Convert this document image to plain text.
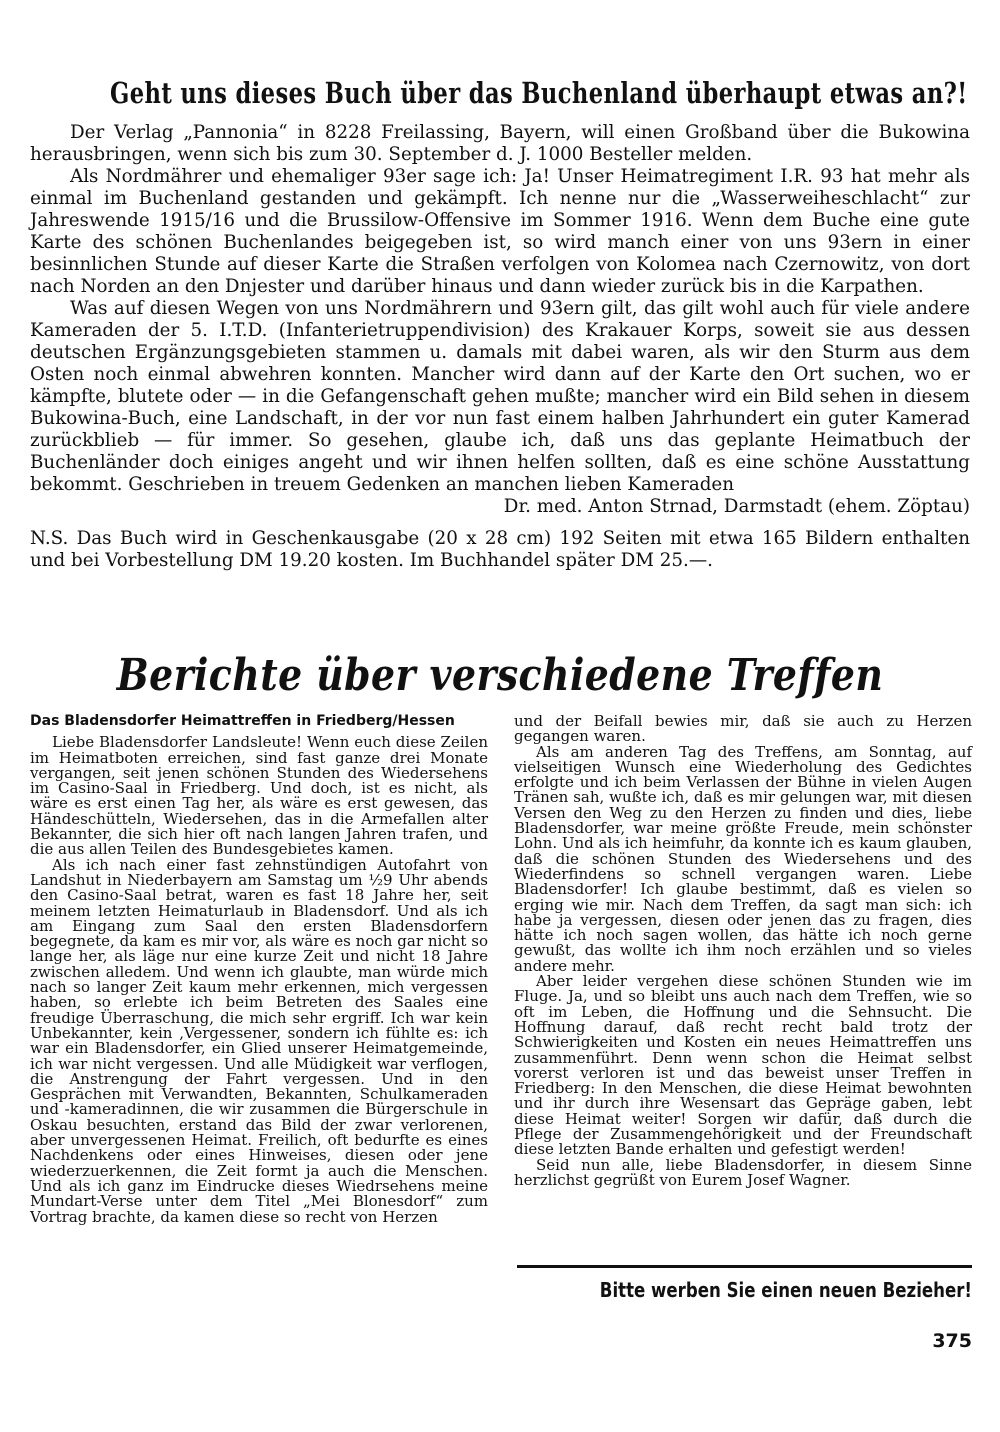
Geht uns dieses Buch über das Buchenland überhaupt etwas an?!

Der Verlag „Pannonia“ in 8228 Freilassing, Bayern, will einen Großband über die Bukowina herausbringen, wenn sich bis zum 30. September d. J. 1000 Besteller melden.

Als Nordmährer und ehemaliger 93er sage ich: Ja! Unser Heimatregiment I.R. 93 hat mehr als einmal im Buchenland gestanden und gekämpft. Ich nenne nur die „Wasserweiheschlacht“ zur Jahreswende 1915/16 und die Brussilow-Offensive im Sommer 1916. Wenn dem Buche eine gute Karte des schönen Buchenlandes beigegeben ist, so wird manch einer von uns 93ern in einer besinnlichen Stunde auf dieser Karte die Straßen verfolgen von Kolomea nach Czernowitz, von dort nach Norden an den Dnjester und darüber hinaus und dann wieder zurück bis in die Karpathen.

Was auf diesen Wegen von uns Nordmährern und 93ern gilt, das gilt wohl auch für viele andere Kameraden der 5. I.T.D. (Infanterietruppendivision) des Krakauer Korps, soweit sie aus dessen deutschen Ergänzungsgebieten stammen u. damals mit dabei waren, als wir den Sturm aus dem Osten noch einmal abwehren konnten. Mancher wird dann auf der Karte den Ort suchen, wo er kämpfte, blutete oder — in die Gefangenschaft gehen mußte; mancher wird ein Bild sehen in diesem Bukowina-Buch, eine Landschaft, in der vor nun fast einem halben Jahrhundert ein guter Kamerad zurückblieb — für immer. So gesehen, glaube ich, daß uns das geplante Heimatbuch der Buchenländer doch einiges angeht und wir ihnen helfen sollten, daß es eine schöne Ausstattung bekommt. Geschrieben in treuem Gedenken an manchen lieben Kameraden

Dr. med. Anton Strnad, Darmstadt (ehem. Zöptau)

N.S. Das Buch wird in Geschenkausgabe (20 x 28 cm) 192 Seiten mit etwa 165 Bildern enthalten und bei Vorbestellung DM 19.20 kosten. Im Buchhandel später DM 25.—.

Berichte über verschiedene Treffen
Das Bladensdorfer Heimattreffen in Friedberg/Hessen

Liebe Bladensdorfer Landsleute! Wenn euch diese Zeilen im Heimatboten erreichen, sind fast ganze drei Monate vergangen, seit jenen schönen Stunden des Wiedersehens im Casino-Saal in Friedberg. Und doch, ist es nicht, als wäre es erst einen Tag her, als wäre es erst gewesen, das Händeschütteln, Wiedersehen, das in die Armefallen alter Bekannter, die sich hier oft nach langen Jahren trafen, und die aus allen Teilen des Bundesgebietes kamen.

Als ich nach einer fast zehnstündigen Autofahrt von Landshut in Niederbayern am Samstag um ½9 Uhr abends den Casino-Saal betrat, waren es fast 18 Jahre her, seit meinem letzten Heimaturlaub in Bladensdorf. Und als ich am Eingang zum Saal den ersten Bladensdorfern begegnete, da kam es mir vor, als wäre es noch gar nicht so lange her, als läge nur eine kurze Zeit und nicht 18 Jahre zwischen alledem. Und wenn ich glaubte, man würde mich nach so langer Zeit kaum mehr erkennen, mich vergessen haben, so erlebte ich beim Betreten des Saales eine freudige Überraschung, die mich sehr ergriff. Ich war kein Unbekannter, kein ‚Vergessener, sondern ich fühlte es: ich war ein Bladensdorfer, ein Glied unserer Heimatgemeinde, ich war nicht vergessen. Und alle Müdigkeit war verflogen, die Anstrengung der Fahrt vergessen. Und in den Gesprächen mit Verwandten, Bekannten, Schulkameraden und -kameradinnen, die wir zusammen die Bürgerschule in Oskau besuchten, erstand das Bild der zwar verlorenen, aber unvergessenen Heimat. Freilich, oft bedurfte es eines Nachdenkens oder eines Hinweises, diesen oder jene wiederzuerkennen, die Zeit formt ja auch die Menschen. Und als ich ganz im Eindrucke dieses Wiedrsehens meine Mundart-Verse unter dem Titel „Mei Blonesdorf“ zum Vortrag brachte, da kamen diese so recht von Herzen

und der Beifall bewies mir, daß sie auch zu Herzen gegangen waren.

Als am anderen Tag des Treffens, am Sonntag, auf vielseitigen Wunsch eine Wiederholung des Gedichtes erfolgte und ich beim Verlassen der Bühne in vielen Augen Tränen sah, wußte ich, daß es mir gelungen war, mit diesen Versen den Weg zu den Herzen zu finden und dies, liebe Bladensdorfer, war meine größte Freude, mein schönster Lohn. Und als ich heimfuhr, da konnte ich es kaum glauben, daß die schönen Stunden des Wiedersehens und des Wiederfindens so schnell vergangen waren. Liebe Bladensdorfer! Ich glaube bestimmt, daß es vielen so erging wie mir. Nach dem Treffen, da sagt man sich: ich habe ja vergessen, diesen oder jenen das zu fragen, dies hätte ich noch sagen wollen, das hätte ich noch gerne gewußt, das wollte ich ihm noch erzählen und so vieles andere mehr.

Aber leider vergehen diese schönen Stunden wie im Fluge. Ja, und so bleibt uns auch nach dem Treffen, wie so oft im Leben, die Hoffnung und die Sehnsucht. Die Hoffnung darauf, daß recht recht bald trotz der Schwierigkeiten und Kosten ein neues Heimattreffen uns zusammenführt. Denn wenn schon die Heimat selbst vorerst verloren ist und das beweist unser Treffen in Friedberg: In den Menschen, die diese Heimat bewohnten und ihr durch ihre Wesensart das Gepräge gaben, lebt diese Heimat weiter! Sorgen wir dafür, daß durch die Pflege der Zusammengehörigkeit und der Freundschaft diese letzten Bande erhalten und gefestigt werden!

Seid nun alle, liebe Bladensdorfer, in diesem Sinne herzlichst gegrüßt von Eurem Josef Wagner.

Bitte werben Sie einen neuen Bezieher!
375
